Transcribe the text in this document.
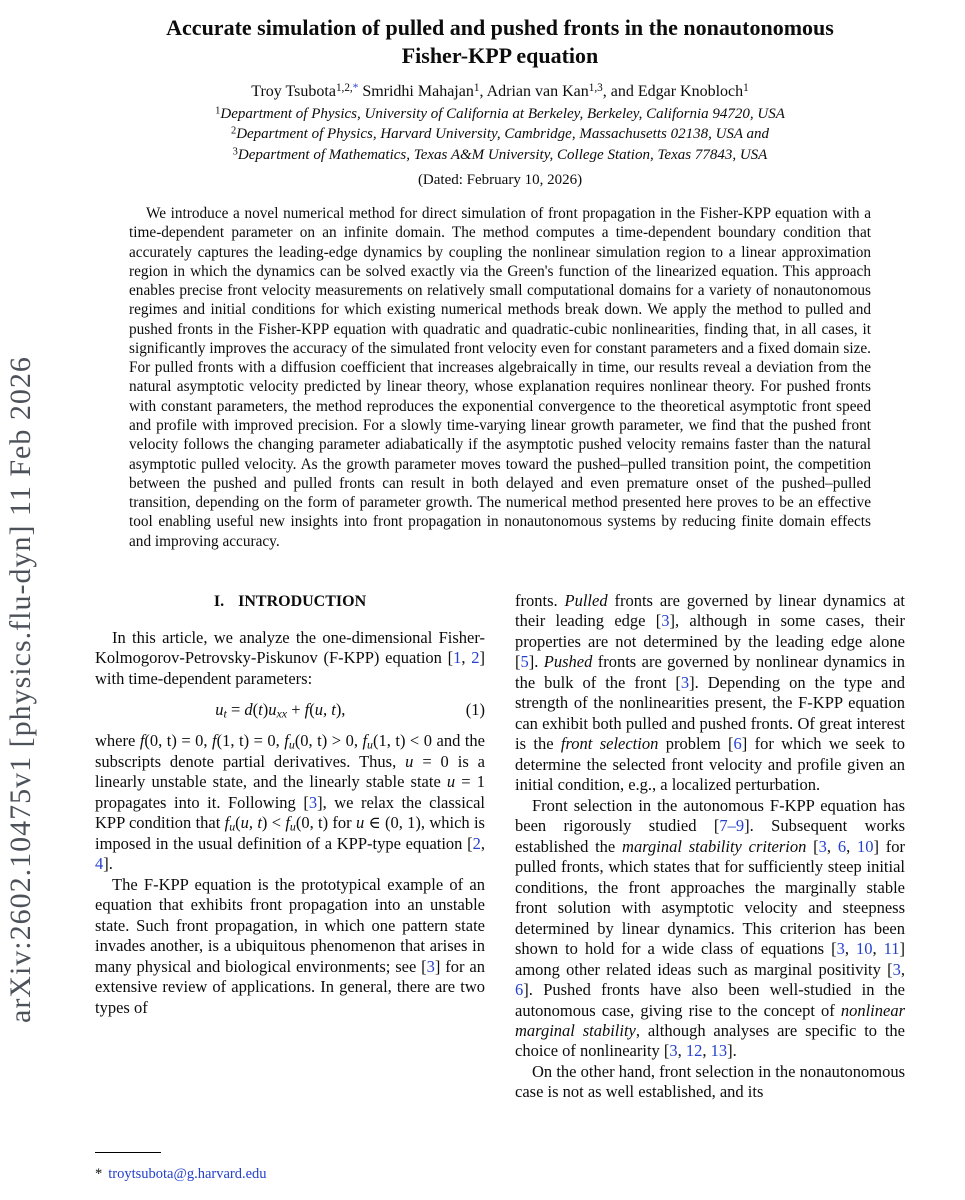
arXiv:2602.10475v1 [physics.flu-dyn] 11 Feb 2026
Accurate simulation of pulled and pushed fronts in the nonautonomous
Fisher-KPP equation
Troy Tsubota$^{1,2,*}$ Smridhi Mahajan$^1$, Adrian van Kan$^{1,3}$, and Edgar Knobloch$^1$
$^1$Department of Physics, University of California at Berkeley, Berkeley, California 94720, USA
$^2$Department of Physics, Harvard University, Cambridge, Massachusetts 02138, USA and
$^3$Department of Mathematics, Texas A&M University, College Station, Texas 77843, USA
(Dated: February 10, 2026)

We introduce a novel numerical method for direct simulation of front propagation in the Fisher-KPP equation with a time-dependent parameter on an infinite domain. The method computes a time-dependent boundary condition that accurately captures the leading-edge dynamics by coupling the nonlinear simulation region to a linear approximation region in which the dynamics can be solved exactly via the Green's function of the linearized equation. This approach enables precise front velocity measurements on relatively small computational domains for a variety of nonautonomous regimes and initial conditions for which existing numerical methods break down. We apply the method to pulled and pushed fronts in the Fisher-KPP equation with quadratic and quadratic-cubic nonlinearities, finding that, in all cases, it significantly improves the accuracy of the simulated front velocity even for constant parameters and a fixed domain size. For pulled fronts with a diffusion coefficient that increases algebraically in time, our results reveal a deviation from the natural asymptotic velocity predicted by linear theory, whose explanation requires nonlinear theory. For pushed fronts with constant parameters, the method reproduces the exponential convergence to the theoretical asymptotic front speed and profile with improved precision. For a slowly time-varying linear growth parameter, we find that the pushed front velocity follows the changing parameter adiabatically if the asymptotic pushed velocity remains faster than the natural asymptotic pulled velocity. As the growth parameter moves toward the pushed–pulled transition point, the competition between the pushed and pulled fronts can result in both delayed and even premature onset of the pushed–pulled transition, depending on the form of parameter growth. The numerical method presented here proves to be an effective tool enabling useful new insights into front propagation in nonautonomous systems by reducing finite domain effects and improving accuracy.

I. INTRODUCTION

In this article, we analyze the one-dimensional Fisher-Kolmogorov-Petrovsky-Piskunov (F-KPP) equation [1, 2] with time-dependent parameters:

ut = d(t)uxx + f(u, t),	(1)

where f(0, t) = 0, f(1, t) = 0, fu(0, t) > 0, fu(1, t) < 0 and the subscripts denote partial derivatives. Thus, u = 0 is a linearly unstable state, and the linearly stable state u = 1 propagates into it. Following [3], we relax the classical KPP condition that fu(u, t) < fu(0, t) for u ∈ (0, 1), which is imposed in the usual definition of a KPP-type equation [2, 4].

The F-KPP equation is the prototypical example of an equation that exhibits front propagation into an unstable state. Such front propagation, in which one pattern state invades another, is a ubiquitous phenomenon that arises in many physical and biological environments; see [3] for an extensive review of applications. In general, there are two types of

fronts. Pulled fronts are governed by linear dynamics at their leading edge [3], although in some cases, their properties are not determined by the leading edge alone [5]. Pushed fronts are governed by nonlinear dynamics in the bulk of the front [3]. Depending on the type and strength of the nonlinearities present, the F-KPP equation can exhibit both pulled and pushed fronts. Of great interest is the front selection problem [6] for which we seek to determine the selected front velocity and profile given an initial condition, e.g., a localized perturbation.

Front selection in the autonomous F-KPP equation has been rigorously studied [7–9]. Subsequent works established the marginal stability criterion [3, 6, 10] for pulled fronts, which states that for sufficiently steep initial conditions, the front approaches the marginally stable front solution with asymptotic velocity and steepness determined by linear dynamics. This criterion has been shown to hold for a wide class of equations [3, 10, 11] among other related ideas such as marginal positivity [3, 6]. Pushed fronts have also been well-studied in the autonomous case, giving rise to the concept of nonlinear marginal stability, although analyses are specific to the choice of nonlinearity [3, 12, 13].

On the other hand, front selection in the nonautonomous case is not as well established, and its

* troytsubota@g.harvard.edu
